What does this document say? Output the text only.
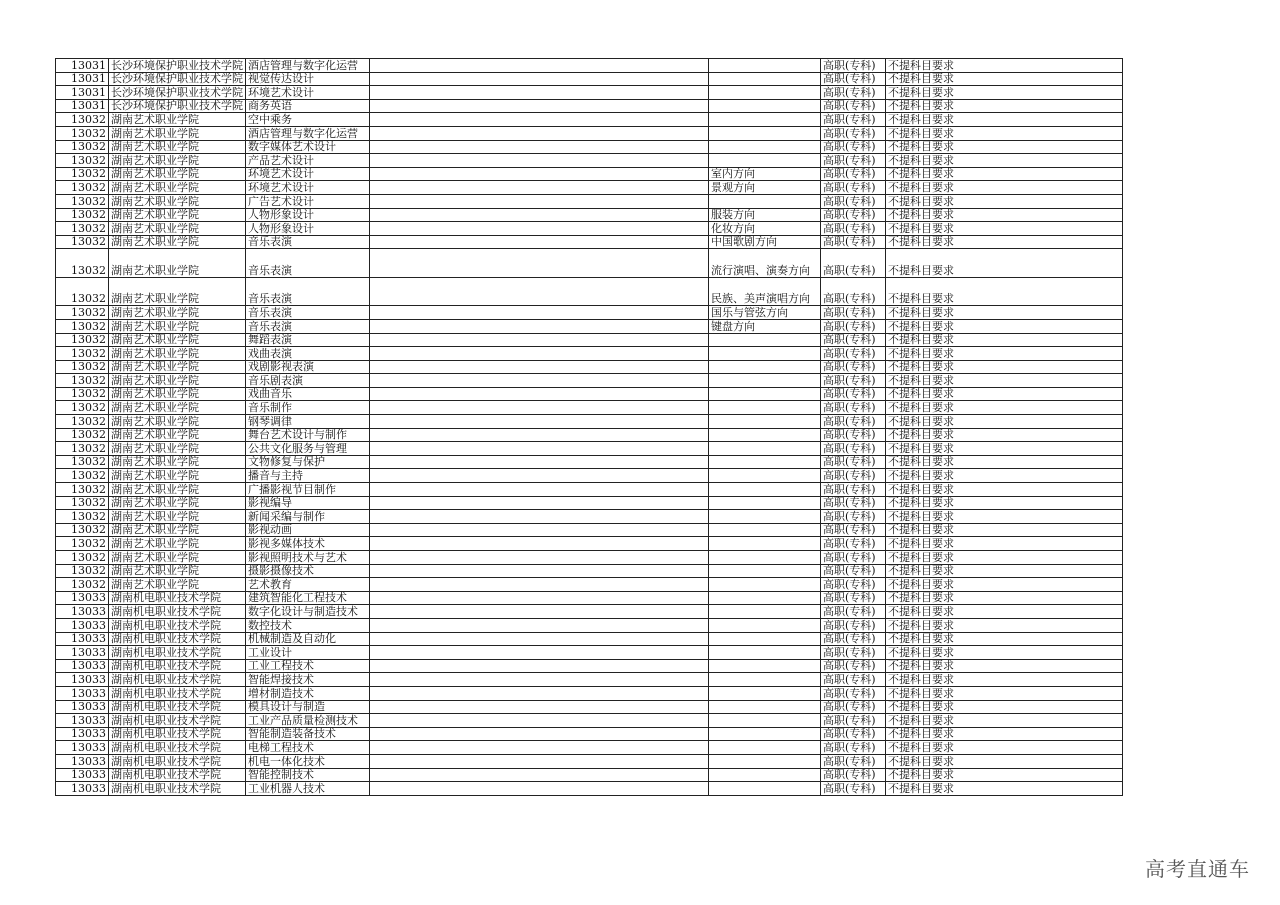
13031	长沙环境保护职业技术学院	酒店管理与数字化运营			高职(专科)	不提科目要求
13031	长沙环境保护职业技术学院	视觉传达设计			高职(专科)	不提科目要求
13031	长沙环境保护职业技术学院	环境艺术设计			高职(专科)	不提科目要求
13031	长沙环境保护职业技术学院	商务英语			高职(专科)	不提科目要求
13032	湖南艺术职业学院	空中乘务			高职(专科)	不提科目要求
13032	湖南艺术职业学院	酒店管理与数字化运营			高职(专科)	不提科目要求
13032	湖南艺术职业学院	数字媒体艺术设计			高职(专科)	不提科目要求
13032	湖南艺术职业学院	产品艺术设计			高职(专科)	不提科目要求
13032	湖南艺术职业学院	环境艺术设计		室内方向	高职(专科)	不提科目要求
13032	湖南艺术职业学院	环境艺术设计		景观方向	高职(专科)	不提科目要求
13032	湖南艺术职业学院	广告艺术设计			高职(专科)	不提科目要求
13032	湖南艺术职业学院	人物形象设计		服装方向	高职(专科)	不提科目要求
13032	湖南艺术职业学院	人物形象设计		化妆方向	高职(专科)	不提科目要求
13032	湖南艺术职业学院	音乐表演		中国歌剧方向	高职(专科)	不提科目要求
13032	湖南艺术职业学院	音乐表演		流行演唱、演奏方向	高职(专科)	不提科目要求
13032	湖南艺术职业学院	音乐表演		民族、美声演唱方向	高职(专科)	不提科目要求
13032	湖南艺术职业学院	音乐表演		国乐与管弦方向	高职(专科)	不提科目要求
13032	湖南艺术职业学院	音乐表演		键盘方向	高职(专科)	不提科目要求
13032	湖南艺术职业学院	舞蹈表演			高职(专科)	不提科目要求
13032	湖南艺术职业学院	戏曲表演			高职(专科)	不提科目要求
13032	湖南艺术职业学院	戏剧影视表演			高职(专科)	不提科目要求
13032	湖南艺术职业学院	音乐剧表演			高职(专科)	不提科目要求
13032	湖南艺术职业学院	戏曲音乐			高职(专科)	不提科目要求
13032	湖南艺术职业学院	音乐制作			高职(专科)	不提科目要求
13032	湖南艺术职业学院	钢琴调律			高职(专科)	不提科目要求
13032	湖南艺术职业学院	舞台艺术设计与制作			高职(专科)	不提科目要求
13032	湖南艺术职业学院	公共文化服务与管理			高职(专科)	不提科目要求
13032	湖南艺术职业学院	文物修复与保护			高职(专科)	不提科目要求
13032	湖南艺术职业学院	播音与主持			高职(专科)	不提科目要求
13032	湖南艺术职业学院	广播影视节目制作			高职(专科)	不提科目要求
13032	湖南艺术职业学院	影视编导			高职(专科)	不提科目要求
13032	湖南艺术职业学院	新闻采编与制作			高职(专科)	不提科目要求
13032	湖南艺术职业学院	影视动画			高职(专科)	不提科目要求
13032	湖南艺术职业学院	影视多媒体技术			高职(专科)	不提科目要求
13032	湖南艺术职业学院	影视照明技术与艺术			高职(专科)	不提科目要求
13032	湖南艺术职业学院	摄影摄像技术			高职(专科)	不提科目要求
13032	湖南艺术职业学院	艺术教育			高职(专科)	不提科目要求
13033	湖南机电职业技术学院	建筑智能化工程技术			高职(专科)	不提科目要求
13033	湖南机电职业技术学院	数字化设计与制造技术			高职(专科)	不提科目要求
13033	湖南机电职业技术学院	数控技术			高职(专科)	不提科目要求
13033	湖南机电职业技术学院	机械制造及自动化			高职(专科)	不提科目要求
13033	湖南机电职业技术学院	工业设计			高职(专科)	不提科目要求
13033	湖南机电职业技术学院	工业工程技术			高职(专科)	不提科目要求
13033	湖南机电职业技术学院	智能焊接技术			高职(专科)	不提科目要求
13033	湖南机电职业技术学院	增材制造技术			高职(专科)	不提科目要求
13033	湖南机电职业技术学院	模具设计与制造			高职(专科)	不提科目要求
13033	湖南机电职业技术学院	工业产品质量检测技术			高职(专科)	不提科目要求
13033	湖南机电职业技术学院	智能制造装备技术			高职(专科)	不提科目要求
13033	湖南机电职业技术学院	电梯工程技术			高职(专科)	不提科目要求
13033	湖南机电职业技术学院	机电一体化技术			高职(专科)	不提科目要求
13033	湖南机电职业技术学院	智能控制技术			高职(专科)	不提科目要求
13033	湖南机电职业技术学院	工业机器人技术			高职(专科)	不提科目要求
高考直通车
